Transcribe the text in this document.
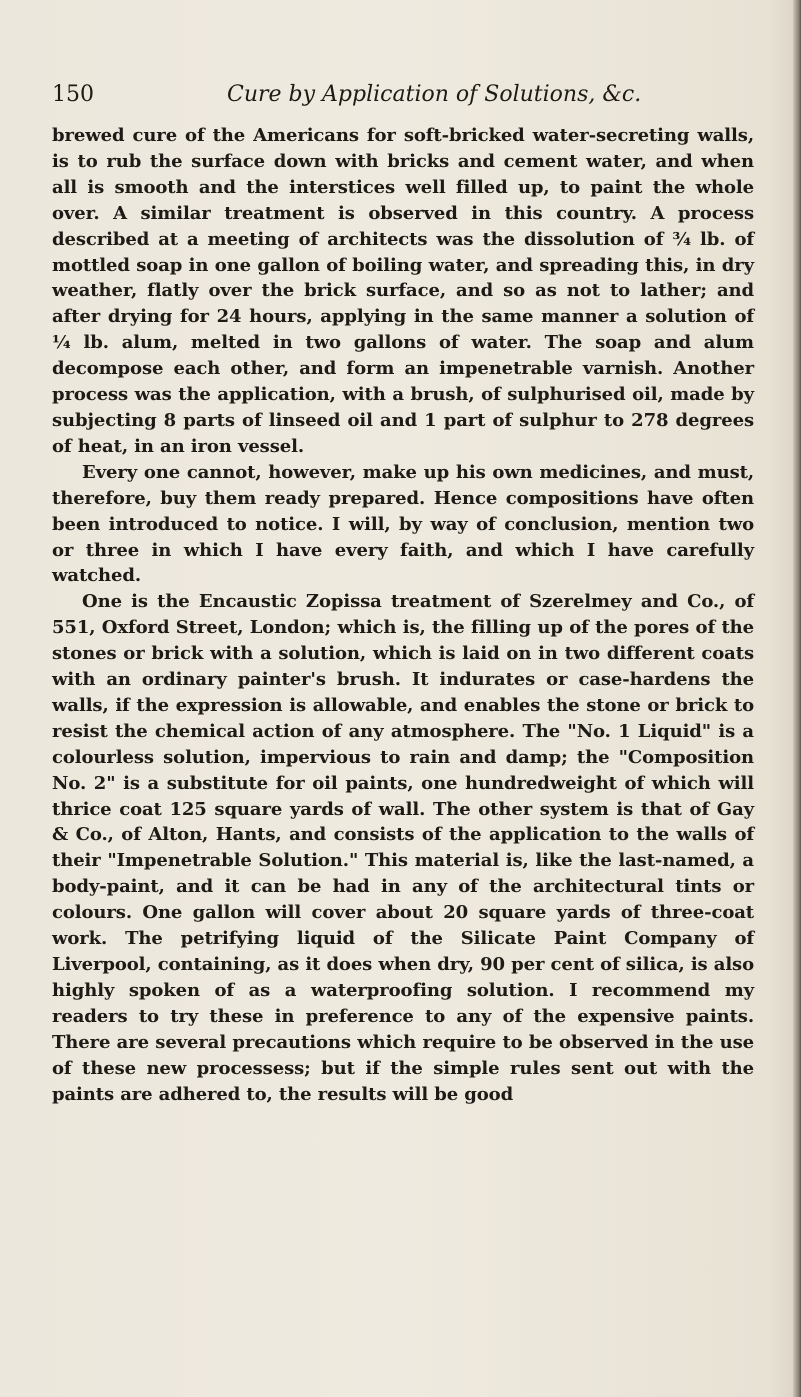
150	Cure by Application of Solutions, &c.

brewed cure of the Americans for soft-bricked water-secreting walls, is to rub the surface down with bricks and cement water, and when all is smooth and the interstices well filled up, to paint the whole over. A similar treatment is observed in this country. A process described at a meeting of architects was the dissolution of ¾ lb. of mottled soap in one gallon of boiling water, and spreading this, in dry weather, flatly over the brick surface, and so as not to lather; and after drying for 24 hours, applying in the same manner a solution of ¼ lb. alum, melted in two gallons of water. The soap and alum decompose each other, and form an impenetrable varnish. Another process was the application, with a brush, of sulphurised oil, made by subjecting 8 parts of linseed oil and 1 part of sulphur to 278 degrees of heat, in an iron vessel.

Every one cannot, however, make up his own medicines, and must, therefore, buy them ready prepared. Hence compositions have often been introduced to notice. I will, by way of conclusion, mention two or three in which I have every faith, and which I have carefully watched.

One is the Encaustic Zopissa treatment of Szerelmey and Co., of 551, Oxford Street, London; which is, the filling up of the pores of the stones or brick with a solution, which is laid on in two different coats with an ordinary painter's brush. It indurates or case-hardens the walls, if the expression is allowable, and enables the stone or brick to resist the chemical action of any atmosphere. The "No. 1 Liquid" is a colourless solution, impervious to rain and damp; the "Composition No. 2" is a substitute for oil paints, one hundredweight of which will thrice coat 125 square yards of wall. The other system is that of Gay & Co., of Alton, Hants, and consists of the application to the walls of their "Impenetrable Solution." This material is, like the last-named, a body-paint, and it can be had in any of the architectural tints or colours. One gallon will cover about 20 square yards of three-coat work. The petrifying liquid of the Silicate Paint Company of Liverpool, containing, as it does when dry, 90 per cent of silica, is also highly spoken of as a waterproofing solution. I recommend my readers to try these in preference to any of the expensive paints. There are several precautions which require to be observed in the use of these new processess; but if the simple rules sent out with the paints are adhered to, the results will be good
